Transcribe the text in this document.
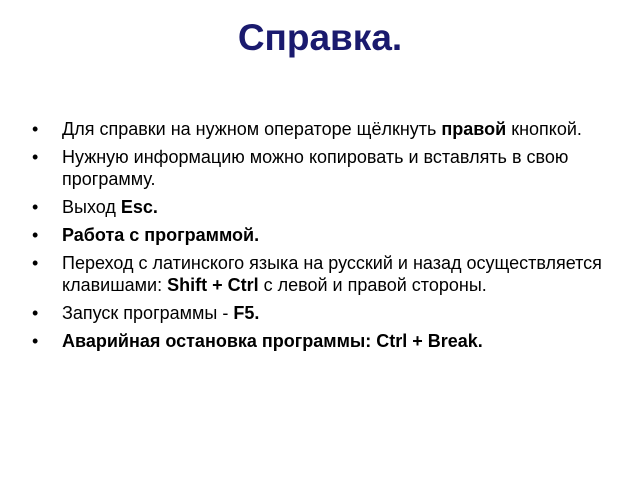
Справка.
• Для справки на нужном операторе щёлкнуть правой кнопкой.
• Нужную информацию можно копировать и вставлять в свою программу.
• Выход Esc.
• Работа с программой.
• Переход с латинского языка на русский и назад осуществляется клавишами: Shift + Ctrl с левой и правой стороны.
• Запуск программы - F5.
• Аварийная остановка программы: Ctrl + Break.
